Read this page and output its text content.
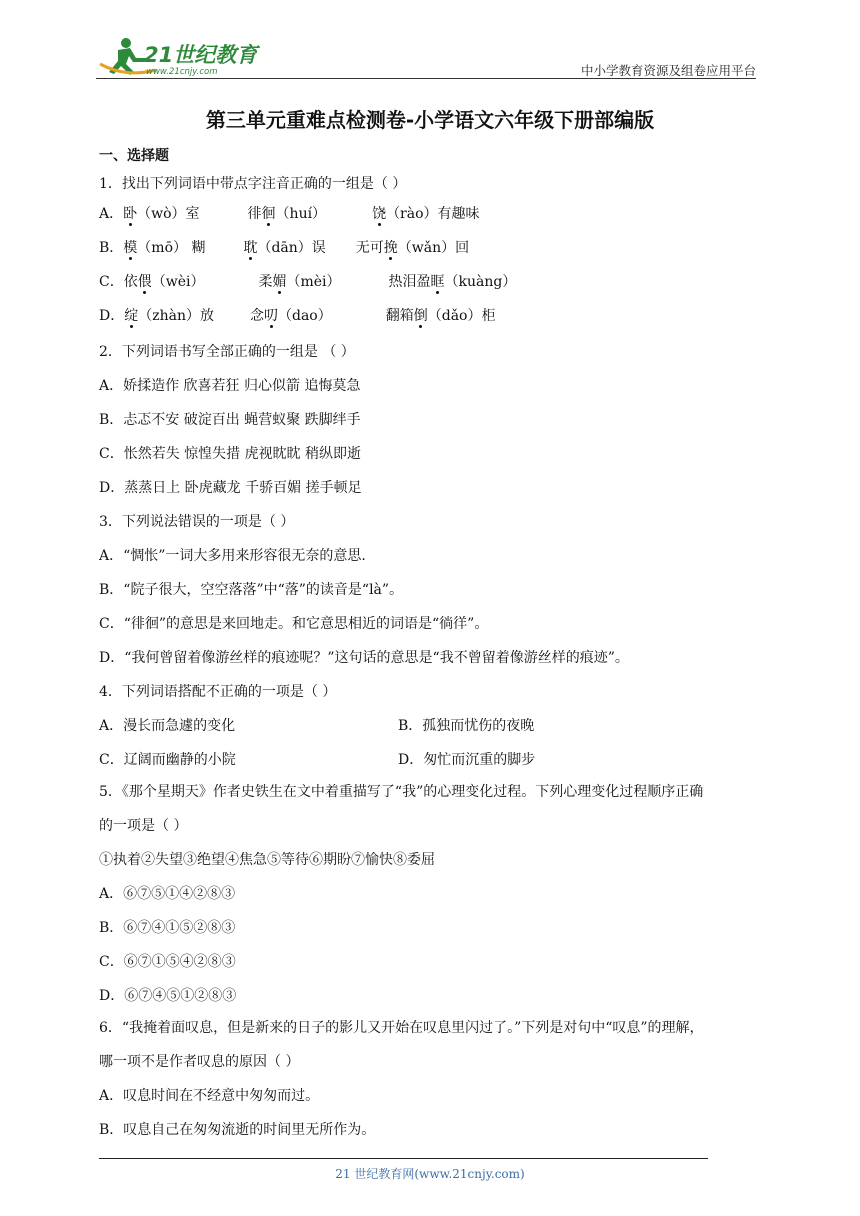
21世纪教育
www.21cnjy.com	中小学教育资源及组卷应用平台
第三单元重难点检测卷-小学语文六年级下册部编版
一、选择题
1．找出下列词语中带点字注音正确的一组是（ ）
A．卧（wò）室	徘徊（huí）	饶（rào）有趣味
B．模（mō） 糊	耽（dān）误 无可挽（wǎn）回
C．依偎（wèi）	柔媚（mèi）	热泪盈眶（kuàng）
D．绽（zhàn）放	念叨（dao）	翻箱倒（dǎo）柜
2．下列词语书写全部正确的一组是 （ ）
A．娇揉造作 欣喜若狂 归心似箭 追悔莫急
B．忐忑不安 破淀百出 蝇营蚁聚 跌脚绊手
C．怅然若失 惊惶失措 虎视眈眈 稍纵即逝
D．蒸蒸日上 卧虎藏龙 千骄百媚 搓手顿足
3．下列说法错误的一项是（ ）
A．“惆怅”一词大多用来形容很无奈的意思.
B．“院子很大，空空落落”中“落”的读音是“là”。
C．“徘徊”的意思是来回地走。和它意思相近的词语是“徜徉”。
D．“我何曾留着像游丝样的痕迹呢？”这句话的意思是“我不曾留着像游丝样的痕迹”。
4．下列词语搭配不正确的一项是（ ）
A．漫长而急遽的变化	B．孤独而忧伤的夜晚
C．辽阔而幽静的小院	D．匆忙而沉重的脚步
5．《那个星期天》作者史铁生在文中着重描写了“我”的心理变化过程。下列心理变化过程顺序正确
的一项是（ ）
①执着②失望③绝望④焦急⑤等待⑥期盼⑦愉快⑧委屈
A．⑥⑦⑤①④②⑧③
B．⑥⑦④①⑤②⑧③
C．⑥⑦①⑤④②⑧③
D．⑥⑦④⑤①②⑧③
6．“我掩着面叹息，但是新来的日子的影儿又开始在叹息里闪过了。”下列是对句中“叹息”的理解，
哪一项不是作者叹息的原因（ ）
A．叹息时间在不经意中匆匆而过。
B．叹息自己在匆匆流逝的时间里无所作为。
21 世纪教育网(www.21cnjy.com)
